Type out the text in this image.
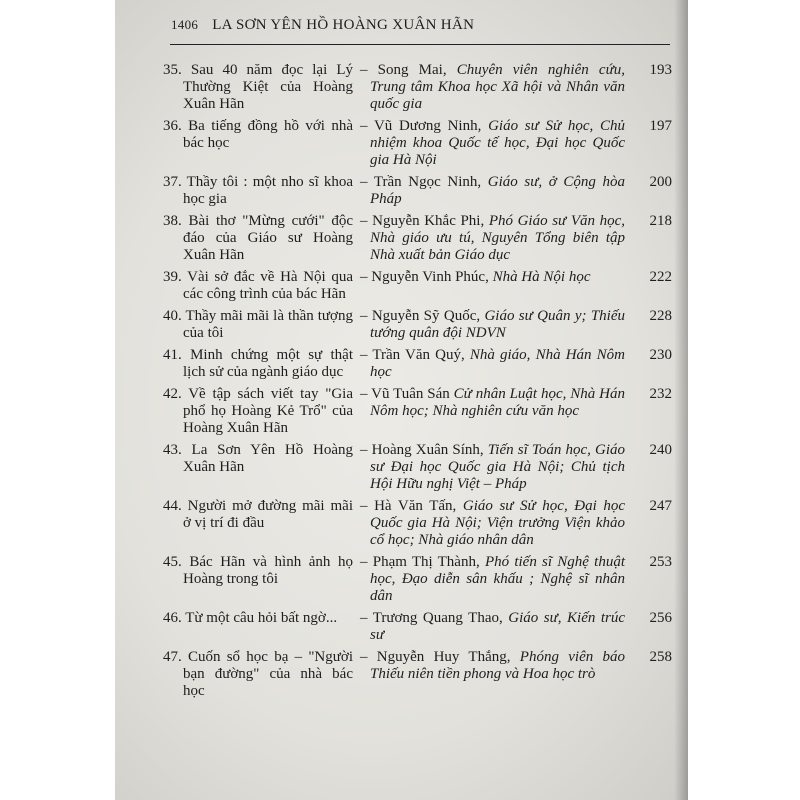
1406 LA SƠN YÊN HỒ HOÀNG XUÂN HÃN
35. Sau 40 năm đọc lại Lý Thường Kiệt của Hoàng Xuân Hãn
– Song Mai, Chuyên viên nghiên cứu, Trung tâm Khoa học Xã hội và Nhân văn quốc gia
193
36. Ba tiếng đồng hồ với nhà bác học
– Vũ Dương Ninh, Giáo sư Sử học, Chủ nhiệm khoa Quốc tế học, Đại học Quốc gia Hà Nội
197
37. Thầy tôi : một nho sĩ khoa học gia
– Trần Ngọc Ninh, Giáo sư, ở Cộng hòa Pháp
200
38. Bài thơ "Mừng cưới" độc đáo của Giáo sư Hoàng Xuân Hãn
– Nguyễn Khắc Phi, Phó Giáo sư Văn học, Nhà giáo ưu tú, Nguyên Tổng biên tập Nhà xuất bản Giáo dục
218
39. Vài sở đắc về Hà Nội qua các công trình của bác Hãn
– Nguyễn Vinh Phúc, Nhà Hà Nội học	222
40. Thầy mãi mãi là thần tượng của tôi
– Nguyễn Sỹ Quốc, Giáo sư Quân y; Thiếu tướng quân đội NDVN
228
41. Minh chứng một sự thật lịch sử của ngành giáo dục
– Trần Văn Quý, Nhà giáo, Nhà Hán Nôm học
230
42. Về tập sách viết tay "Gia phổ họ Hoàng Kẻ Trổ" của Hoàng Xuân Hãn
– Vũ Tuân Sán Cử nhân Luật học, Nhà Hán Nôm học; Nhà nghiên cứu văn học
232
43. La Sơn Yên Hồ Hoàng Xuân Hãn
– Hoàng Xuân Sính, Tiến sĩ Toán học, Giáo sư Đại học Quốc gia Hà Nội; Chủ tịch Hội Hữu nghị Việt – Pháp
240
44. Người mở đường mãi mãi ở vị trí đi đầu
– Hà Văn Tấn, Giáo sư Sử học, Đại học Quốc gia Hà Nội; Viện trưởng Viện khảo cổ học; Nhà giáo nhân dân
247
45. Bác Hãn và hình ảnh họ Hoàng trong tôi
– Phạm Thị Thành, Phó tiến sĩ Nghệ thuật học, Đạo diễn sân khấu ; Nghệ sĩ nhân dân
253
46. Từ một câu hỏi bất ngờ...	– Trương Quang Thao, Giáo sư, Kiến trúc sư
256
47. Cuốn sổ học bạ – "Người bạn đường" của nhà bác học
– Nguyễn Huy Thắng, Phóng viên báo Thiếu niên tiền phong và Hoa học trò
258
